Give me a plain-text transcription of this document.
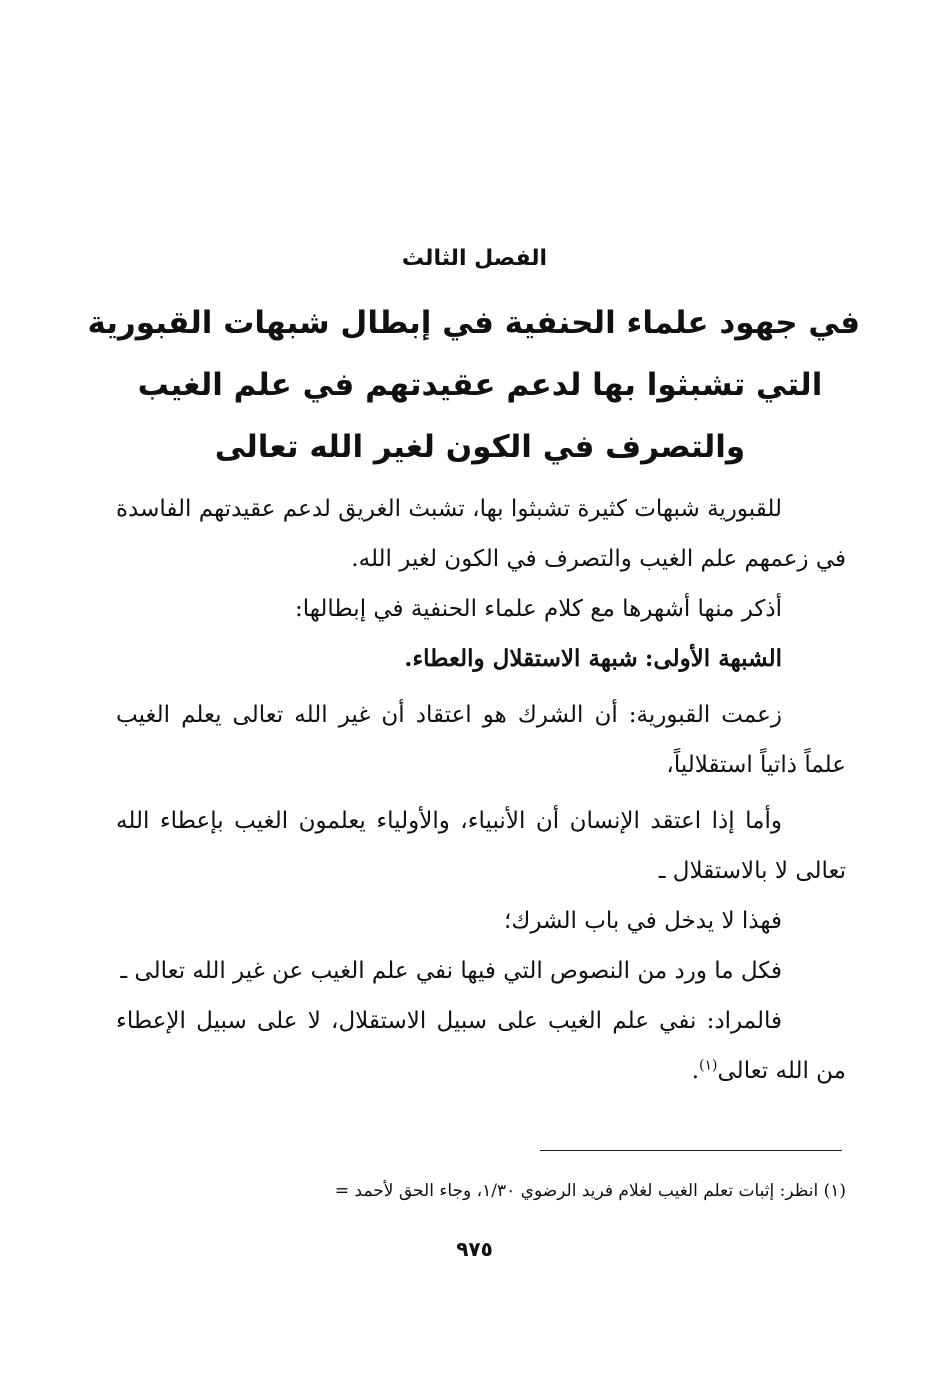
الفصل الثالث
في جهود علماء الحنفية في إبطال شبهات القبورية
التي تشبثوا بها لدعم عقيدتهم في علم الغيب
والتصرف في الكون لغير الله تعالى

للقبورية شبهات كثيرة تشبثوا بها، تشبث الغريق لدعم عقيدتهم الفاسدة في زعمهم علم الغيب والتصرف في الكون لغير الله.

أذكر منها أشهرها مع كلام علماء الحنفية في إبطالها:

الشبهة الأولى: شبهة الاستقلال والعطاء.

زعمت القبورية: أن الشرك هو اعتقاد أن غير الله تعالى يعلم الغيب علماً ذاتياً استقلالياً،

وأما إذا اعتقد الإنسان أن الأنبياء، والأولياء يعلمون الغيب بإعطاء الله تعالى لا بالاستقلال ـ

فهذا لا يدخل في باب الشرك؛

فكل ما ورد من النصوص التي فيها نفي علم الغيب عن غير الله تعالى ـ

فالمراد: نفي علم الغيب على سبيل الاستقلال، لا على سبيل الإعطاء من الله تعالى$^{(١)}$.

(١) انظر: إثبات تعلم الغيب لغلام فريد الرضوي ١/٣٠، وجاء الحق لأحمد =
٩٧٥
